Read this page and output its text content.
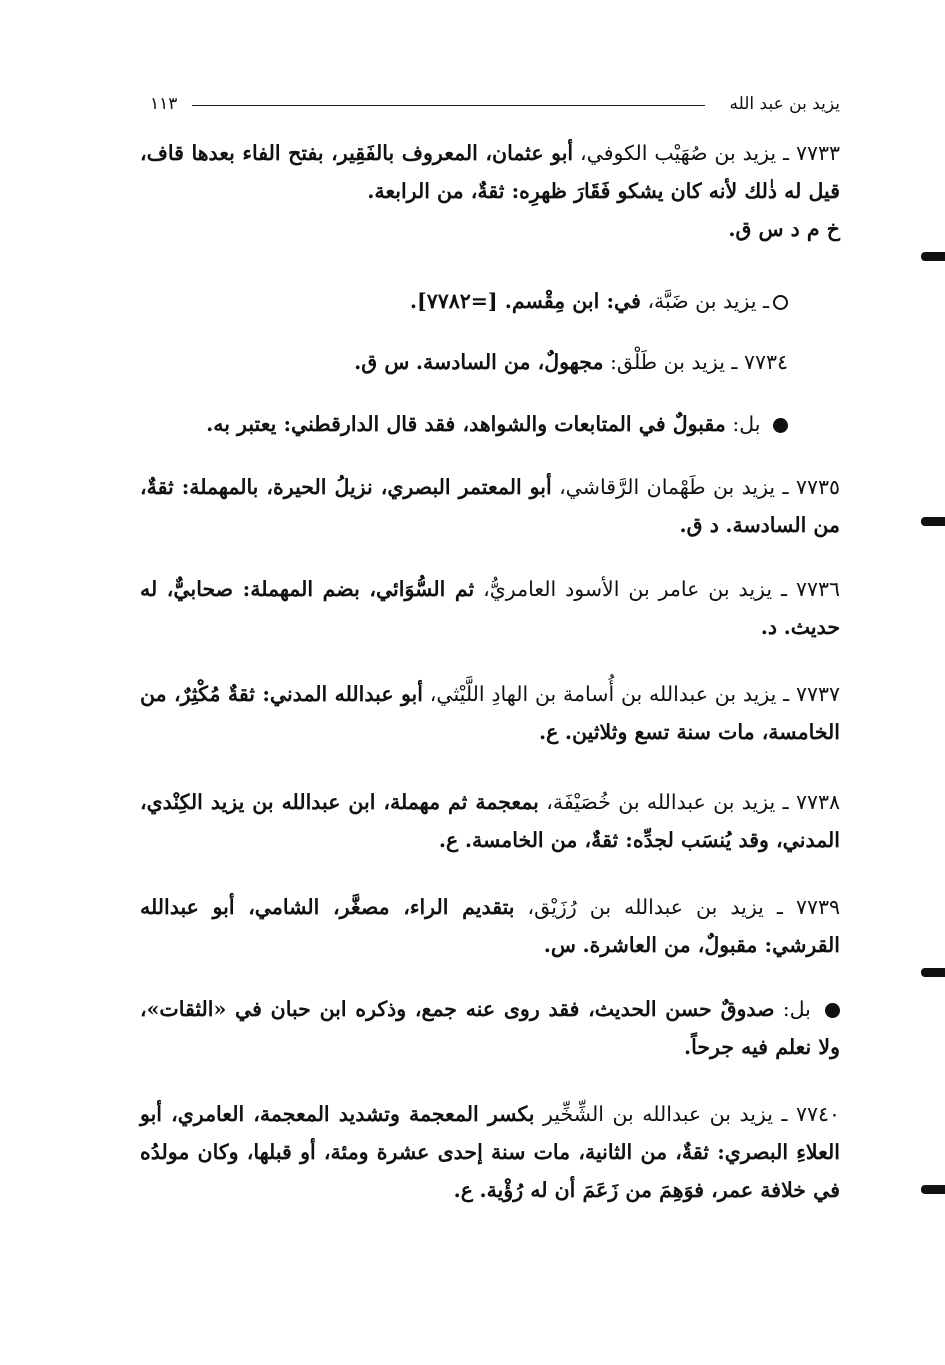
يزيد بن عبد الله
١١٣

٧٧٣٣ ـ يزيد بن صُهَيْب الكوفي، أبو عثمان، المعروف بالفَقِير، بفتح الفاء بعدها قاف، قيل له ذٰلك لأنه كان يشكو فَقَارَ ظهرِه: ثقةٌ، من الرابعة.
خ م د س ق.

ـ يزيد بن ضَبَّة، في: ابن مِقْسم. [=٧٧٨٢].

٧٧٣٤ ـ يزيد بن طَلْق: مجهولٌ، من السادسة. س ق.

بل: مقبولٌ في المتابعات والشواهد، فقد قال الدارقطني: يعتبر به.

٧٧٣٥ ـ يزيد بن طَهْمان الرَّقاشي، أبو المعتمر البصري، نزيلُ الحيرة، بالمهملة: ثقةٌ، من السادسة. د ق.

٧٧٣٦ ـ يزيد بن عامر بن الأسود العامريُّ، ثم السُّوَائي، بضم المهملة: صحابيٌّ، له حديث. د.

٧٧٣٧ ـ يزيد بن عبدالله بن أُسامة بن الهادِ اللَّيْثي، أبو عبدالله المدني: ثقةٌ مُكْثِرٌ، من الخامسة، مات سنة تسع وثلاثين. ع.

٧٧٣٨ ـ يزيد بن عبدالله بن خُصَيْفَة، بمعجمة ثم مهملة، ابن عبدالله بن يزيد الكِنْدي، المدني، وقد يُنسَب لجدِّه: ثقةٌ، من الخامسة. ع.

٧٧٣٩ ـ يزيد بن عبدالله بن رُزَيْق، بتقديم الراء، مصغَّر، الشامي، أبو عبدالله القرشي: مقبولٌ، من العاشرة. س.

بل: صدوقٌ حسن الحديث، فقد روى عنه جمع، وذكره ابن حبان في «الثقات»، ولا نعلم فيه جرحاً.

٧٧٤٠ ـ يزيد بن عبدالله بن الشِّخِّير بكسر المعجمة وتشديد المعجمة، العامري، أبو العلاءِ البصري: ثقةٌ، من الثانية، مات سنة إحدى عشرة ومئة، أو قبلها، وكان مولدُه في خلافة عمر، فوَهِمَ من زَعَمَ أن له رُؤْية. ع.
